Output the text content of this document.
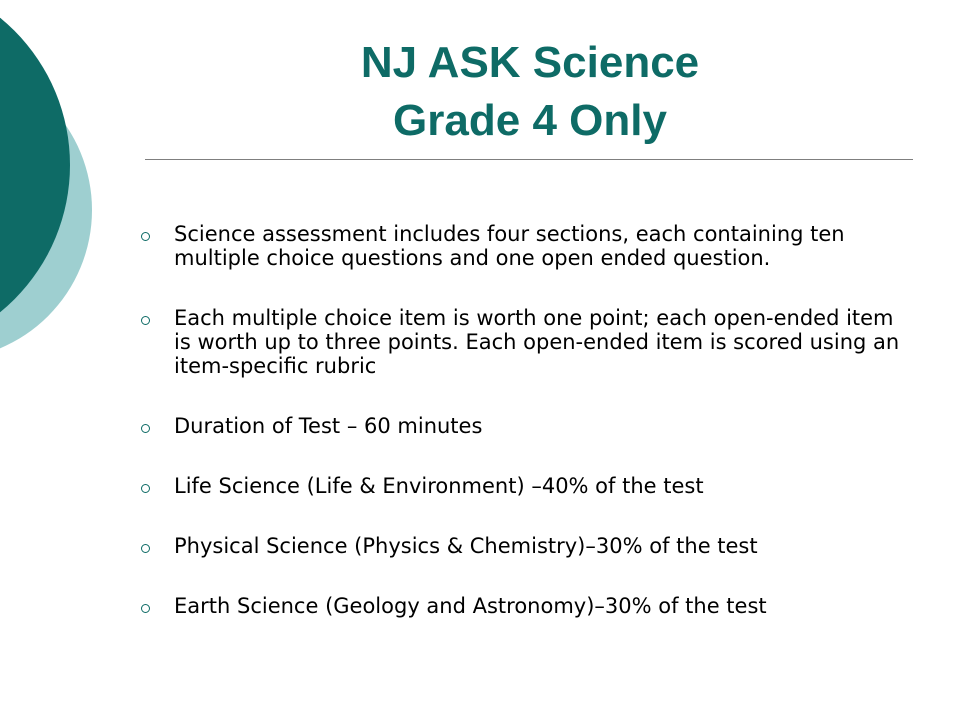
NJ ASK Science
Grade 4 Only
Science assessment includes four sections, each containing ten multiple choice questions and one open ended question.
Each multiple choice item is worth one point; each open-ended item is worth up to three points. Each open-ended item is scored using an item-specific rubric
Duration of Test – 60 minutes
Life Science (Life & Environment) –40% of the test
Physical Science (Physics & Chemistry)–30% of the test
Earth Science (Geology and Astronomy)–30% of the test
